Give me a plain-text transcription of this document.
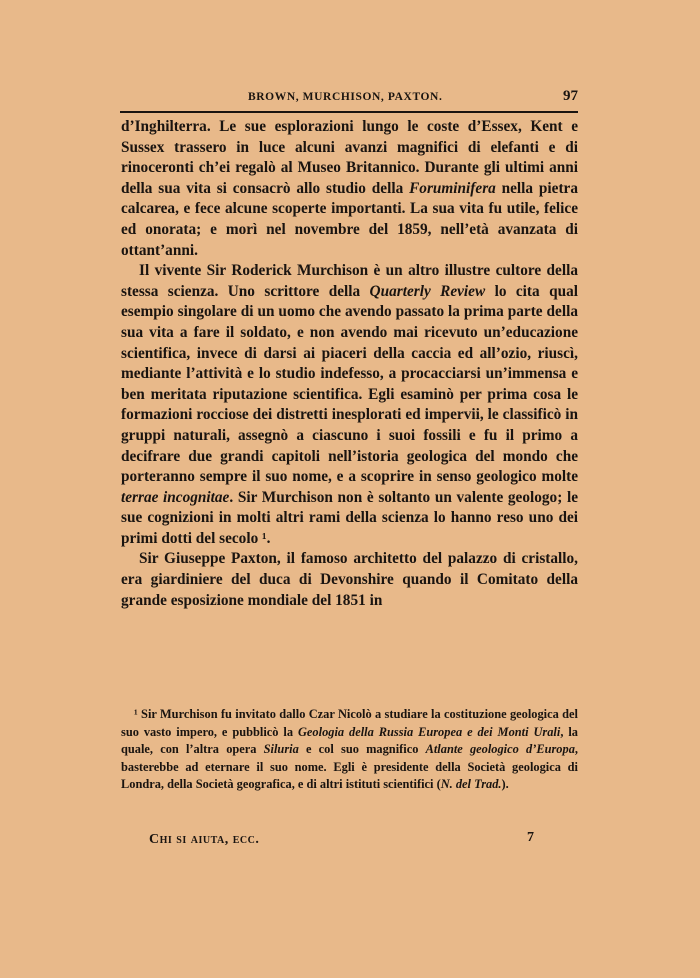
BROWN, MURCHISON, PAXTON.	97

d’Inghilterra. Le sue esplorazioni lungo le coste d’Essex, Kent e Sussex trassero in luce alcuni avanzi magnifici di elefanti e di rinoceronti ch’ei regalò al Museo Britannico. Durante gli ultimi anni della sua vita si consacrò allo studio della Foruminifera nella pietra calcarea, e fece alcune scoperte importanti. La sua vita fu utile, felice ed onorata; e morì nel novembre del 1859, nell’età avanzata di ottant’anni.

Il vivente Sir Roderick Murchison è un altro illustre cultore della stessa scienza. Uno scrittore della Quarterly Review lo cita qual esempio singolare di un uomo che avendo passato la prima parte della sua vita a fare il soldato, e non avendo mai ricevuto un’educazione scientifica, invece di darsi ai piaceri della caccia ed all’ozio, riuscì, mediante l’attività e lo studio indefesso, a procacciarsi un’immensa e ben meritata riputazione scientifica. Egli esaminò per prima cosa le formazioni rocciose dei distretti inesplorati ed impervii, le classificò in gruppi naturali, assegnò a ciascuno i suoi fossili e fu il primo a decifrare due grandi capitoli nell’istoria geologica del mondo che porteranno sempre il suo nome, e a scoprire in senso geologico molte terrae incognitae. Sir Murchison non è soltanto un valente geologo; le sue cognizioni in molti altri rami della scienza lo hanno reso uno dei primi dotti del secolo ¹.

Sir Giuseppe Paxton, il famoso architetto del palazzo di cristallo, era giardiniere del duca di Devonshire quando il Comitato della grande esposizione mondiale del 1851 in

¹ Sir Murchison fu invitato dallo Czar Nicolò a studiare la costituzione geologica del suo vasto impero, e pubblicò la Geologia della Russia Europea e dei Monti Urali, la quale, con l’altra opera Siluria e col suo magnifico Atlante geologico d’Europa, basterebbe ad eternare il suo nome. Egli è presidente della Società geologica di Londra, della Società geografica, e di altri istituti scientifici (N. del Trad.).

Chi si aiuta, ecc.	7
